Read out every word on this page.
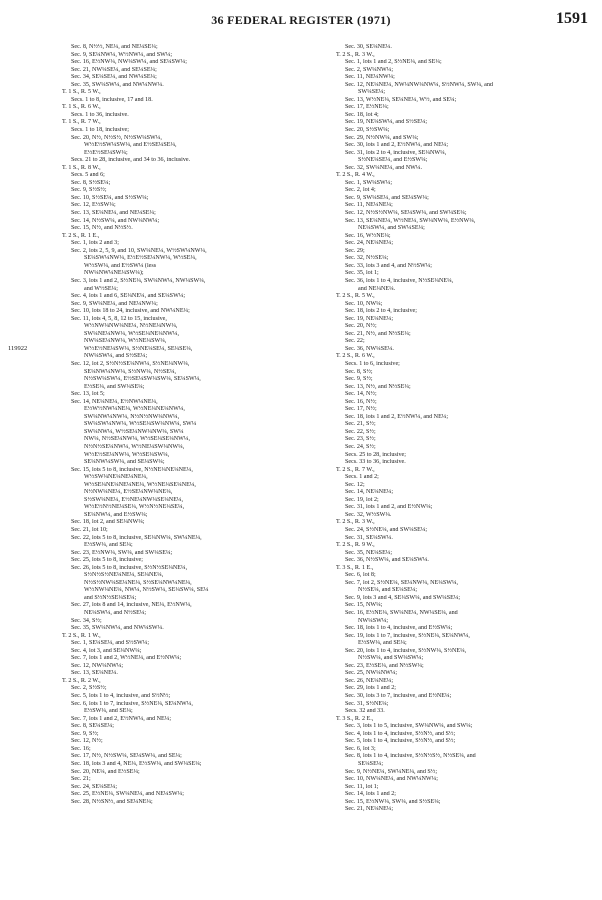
36 FEDERAL REGISTER (1971)	1591
119922
Sec. 8, N½½, NE¼, and NE¼SE¼;
Sec. 9, SE¼NW¼, W½NW¼, and SW¼;
Sec. 16, E½NW¼, NW¼SW¼, and SE¼SW¼;
Sec. 21, NW¼SE¼, and SE¼SE¼;
Sec. 34, SE¼SE¼, and NW¼SE¼;
Sec. 35, SW¼SW¼, and NW¼NW¼.
T. 1 S., R. 5 W.,
Secs. 1 to 8, inclusive, 17 and 18.
T. 1 S., R. 6 W.,
Secs. 1 to 36, inclusive.
T. 1 S., R. 7 W.,
Secs. 1 to 18, inclusive;
Sec. 20, N½, N½S½, N½SW¼SW¼,
W½E½SW¼SW¼, and E½SE¼SE¼,
E½E½SE¼SW¼;
Secs. 21 to 28, inclusive, and 34 to 36, inclusive.
T. 1 S., R. 8 W.,
Secs. 5 and 6;
Sec. 8, S½SE¼;
Sec. 9, S½S½;
Sec. 10, S½SE¼, and S½SW¼;
Sec. 12, E½SW¼;
Sec. 13, SE¼NE¼, and NE¼SE¼;
Sec. 14, N½SW¼, and NW¼NW¼;
Sec. 15, N½, and N½S½.
T. 2 S., R. 1 E.,
Sec. 1, lots 2 and 3;
Sec. 2, lots 2, 5, 9, and 10, SW¼NE¼, W½SW¼NW¼,
SE¼SW¼NW¼, E½E½SE¼NW¼, W½SE¼,
W½SW¼, and E½SW¼ (less
NW¼NW¼NE¼SW¼);
Sec. 3, lots 1 and 2, S½NE¼, SW¼NW¼, NW¼SW¼,
and W½SE¼;
Sec. 4, lots 1 and 6, SE¼NE¼, and SE¼SW¼;
Sec. 9, SW¼NE¼, and NE¼NW¼;
Sec. 10, lots 18 to 24, inclusive, and NW¼NE¼;
Sec. 11, lots 4, 5, 8, 12 to 15, inclusive,
W½NW¼NW¼NE¼, N½NE¼NW¼,
SW¼NE¼NW¼, W½SE¼NE¼NW¼,
NW¼SE¼NW¼, W½NE¼SW¼,
W½E½NE¼SW¼, S½NE¼SE¼, SE¼SE¼,
NW¼SW¼, and S½SE¼;
Sec. 12, lot 2, S½N½SE¼NW¼, S½NE¼NW¼,
SE¼NW¼NW¼, S½NW¼, N½SE¼,
N½SW¼SW¼, E½SE¼SW¼SW¼, SE¼SW¼,
E½SE¼, and SW¼SE¼;
Sec. 13, lot 5;
Sec. 14, NE¼NE¼, E½NW¼NE¼,
E½W½NW¼NE¼, W½NE¼NE¼NW¼,
SW¼NW¼NW¼, N½N½NW¼NW¼,
SW¼SW¼NW¼, W½SE¼SW¼NW¼, SW¼
SW¼NW¼, W½SE¼NW¼NW¼, SW¼
NW¼, N½SE¼NW¼, W½SE¼SE¼NW¼,
N½N½SE¼NW¼, W½NE¼SW¼NW¼,
W½E½SE¼NW¼, W½SE¼SW¼,
SE¼NW¼SW¼, and SE¼SW¼;
Sec. 15, lots 5 to 8, inclusive, N½NE¼NE¼NE¼,
W½SW¼NE¼NE¼NE¼,
W½SE¼NE¼NE¼NE¼, W½NE¼SE¼NE¼,
N½NW¼NE¼, E½SE¼NW¼NE¼,
S½SW¼NE¼, E½NE¼NW¼SE¼NE¼,
W½E½N½NE¼SE¼, W½N½NE¼SE¼,
SE¼NW¼, and E½SW¼;
Sec. 18, lot 2, and SE¼NW¼;
Sec. 21, lot 10;
Sec. 22, lots 5 to 8, inclusive, SE¼NW¼, SW¼NE¼,
E½SW¼, and SE¼;
Sec. 23, E½NW¼, SW¼, and SW¼SE¼;
Sec. 25, lots 5 to 8, inclusive;
Sec. 26, lots 5 to 8, inclusive, S½N½SE¼NE¼,
S½N½S½NE¼NE¼, SE¼NE¼,
N½S½NW¼SE¼NE¼, S½SE¼NW¼NE¼,
W½NW¼NE¼, NW¼, N½SW¼, SE¼SW¼, SE¼
and S½N½SE¼SE¼;
Sec. 27, lots 8 and 14, inclusive, NE¼, E½NW¼,
NE¼SW¼, and N½SE¼;
Sec. 34, S½;
Sec. 35, SW¼NW¼, and NW¼SW¼.
T. 2 S., R. 1 W.,
Sec. 1, SE¼SE¼, and S½SW¼;
Sec. 4, lot 3, and SE¼NW¼;
Sec. 7, lots 1 and 2, W½NE¼, and E½NW¼;
Sec. 12, NW¼NW¼;
Sec. 13, SE¼NE¼.
T. 2 S., R. 2 W.,
Sec. 2, S½S½;
Sec. 5, lots 1 to 4, inclusive, and S½N½;
Sec. 6, lots 1 to 7, inclusive, S½NE¼, SE¼NW¼,
E½SW¼, and SE¼;
Sec. 7, lots 1 and 2, E½NW¼, and NE¼;
Sec. 8, SE¼SE¼;
Sec. 9, S½;
Sec. 12, N½;
Sec. 16;
Sec. 17, N½, N½SW¼, SE¼SW¼, and SE¼;
Sec. 18, lots 3 and 4, NE¼, E½SW¼, and SW¼SE¼;
Sec. 20, NE¼, and E½SE¼;
Sec. 21;
Sec. 24, SE¼SE¼;
Sec. 25, E½NE¼, SW¼NE¼, and NE¼SW¼;
Sec. 28, N½SN½, and SE¼NE¼;
Sec. 30, SE¼NE¼.
T. 2 S., R. 3 W.,
Sec. 1, lots 1 and 2, S½NE¼, and SE¼;
Sec. 2, SW¼NW¼;
Sec. 11, NE¼NW¼;
Sec. 12, NE¼NE¼, NW¼NW¼NW¼, S½NW¼, SW¼, and
SW¼SE¼;
Sec. 13, W½NE¼, SE¼NE¼, W½, and SE¼;
Sec. 17, E½NE¼;
Sec. 18, lot 4;
Sec. 19, NE¼SW¼, and S½SE¼;
Sec. 20, S½SW¼;
Sec. 29, N½NW¼, and SW¼;
Sec. 30, lots 1 and 2, E½NW¼, and NE¼;
Sec. 31, lots 2 to 4, inclusive, SE¼NW¼,
S½NE¼SE¼, and E½SW¼;
Sec. 32, SW¼NE¼, and NW¼.
T. 2 S., R. 4 W.,
Sec. 1, SW¼SW¼;
Sec. 2, lot 4;
Sec. 9, SW¼SE¼, and SE¼SW¼;
Sec. 11, NE¼NE¼;
Sec. 12, N½S½NW¼, SE¼SW¼, and SW¼SE¼;
Sec. 13, SE¼NE¼, W½NE¼, SW¼NW¼, E½NW¼,
NE¼SW¼, and SW¼SE¼;
Sec. 16, W½NE¼;
Sec. 24, NE¼NE¼;
Sec. 29;
Sec. 32, N½SE¼;
Sec. 33, lots 3 and 4, and N½SW¼;
Sec. 35, lot 1;
Sec. 36, lots 1 to 4, inclusive, N½SE¼NE¼,
and NE¼NE¼.
T. 2 S., R. 5 W.,
Sec. 10, NW¼;
Sec. 18, lots 2 to 4, inclusive;
Sec. 19, NE¼NE¼;
Sec. 20, N½;
Sec. 21, N½, and N½SE¼;
Sec. 22;
Sec. 36, NW¼SE¼.
T. 2 S., R. 6 W.,
Secs. 1 to 6, inclusive;
Sec. 8, S½;
Sec. 9, S½;
Sec. 13, N½, and N½SE¼;
Sec. 14, N½;
Sec. 16, N½;
Sec. 17, N½;
Sec. 18, lots 1 and 2, E½NW¼, and NE¼;
Sec. 21, S½;
Sec. 22, S½;
Sec. 23, S½;
Sec. 24, S½;
Secs. 25 to 28, inclusive;
Secs. 33 to 36, inclusive.
T. 2 S., R. 7 W.,
Secs. 1 and 2;
Sec. 12;
Sec. 14, NE¼NE¼;
Sec. 19, lot 2;
Sec. 31, lots 1 and 2, and E½NW¼;
Sec. 32, W½SW¼.
T. 2 S., R. 3 W.,
Sec. 24, S½NE¼, and SW¼SE¼;
Sec. 31, SE¼SW¼.
T. 2 S., R. 9 W.,
Sec. 35, NE¼SE¼;
Sec. 36, N½SW¼, and SE¼SW¼.
T. 3 S., R. 1 E.,
Sec. 6, lot 8;
Sec. 7, lot 2, S½NE¼, SE¼NW¼, NE¼SW¼,
N½SE¼, and SE¼SE¼;
Sec. 9, lots 3 and 4, SE¼SW¼, and SW¼SE¼;
Sec. 15, NW¼;
Sec. 16, E½NE¼, SW¼NE¼, NW¼SE¼, and
NW¼SW¼;
Sec. 18, lots 1 to 4, inclusive, and E½SW¼;
Sec. 19, lots 1 to 7, inclusive, S½NE¼, SE¼NW¼,
E½SW¼, and SE¼;
Sec. 20, lots 1 to 4, inclusive, S½NW¼, S½NE¼,
N½SW¼, and SW¼SW¼;
Sec. 23, E½SE¼, and N½SW¼;
Sec. 25, NW¼NW¼;
Sec. 26, NE¼NE¼;
Sec. 29, lots 1 and 2;
Sec. 30, lots 3 to 7, inclusive, and E½NE¼;
Sec. 31, S½NE¼;
Secs. 32 and 33.
T. 3 S., R. 2 E.,
Sec. 3, lots 1 to 5, inclusive, SW¼NW¼, and SW¼;
Sec. 4, lots 1 to 4, inclusive, S½N½, and S½;
Sec. 5, lots 1 to 4, inclusive, S½N½, and S½;
Sec. 6, lot 3;
Sec. 8, lots 1 to 4, inclusive, S½N½S½, N½SE¼, and
SE¼SE¼;
Sec. 9, N½NE¼, SW¼NE¼, and S½;
Sec. 10, NW¼NE¼, and NW¼NW¼;
Sec. 11, lot 1;
Sec. 14, lots 1 and 2;
Sec. 15, E½NW¼, SW¼, and S½SE¼;
Sec. 21, NE¼NE¼;
